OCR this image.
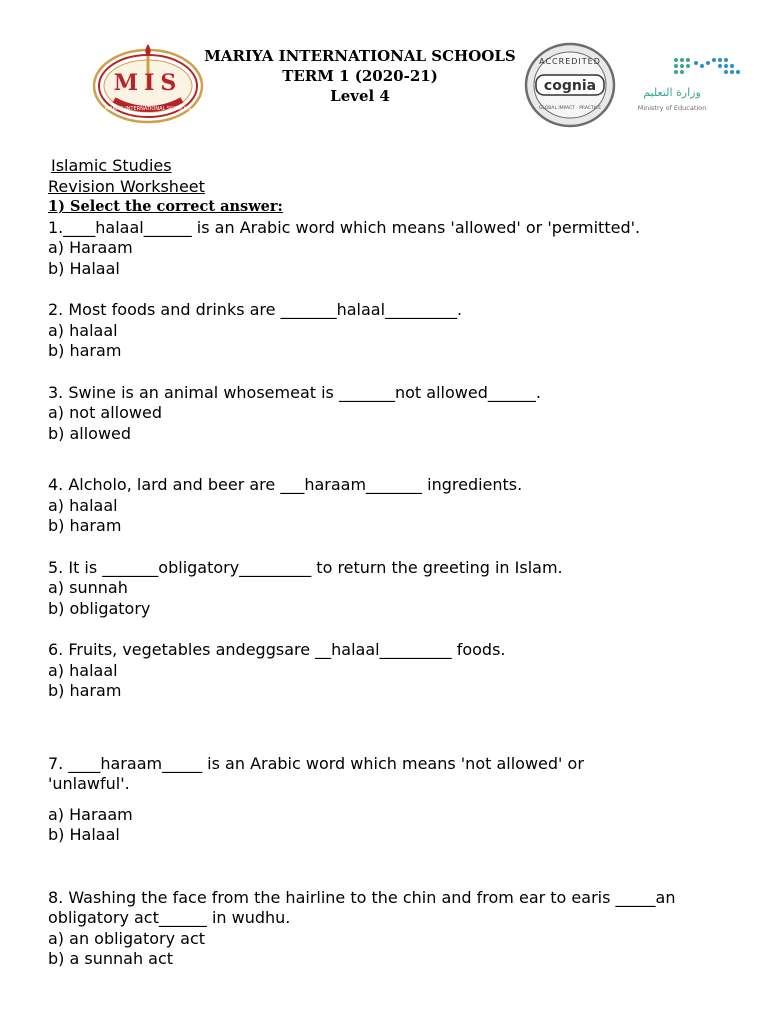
MARIYA INTERNATIONAL SCHOOLS
TERM 1 (2020-21)
Level 4
MIS
MARIYA INTERNATIONAL SCHOOLS
ACCREDITED
cognia
GLOBAL IMPACT · PRACTICE
وزارة التعليم
Ministry of Education
Islamic Studies
Revision Worksheet
1) Select the correct answer:
1.____halaal______ is an Arabic word which means 'allowed' or 'permitted'.
a) Haraam
b) Halaal
2. Most foods and drinks are _______halaal_________.
a) halaal
b) haram
3. Swine is an animal whosemeat is _______not allowed______.
a) not allowed
b) allowed
4. Alcholo, lard and beer are ___haraam_______ ingredients.
a) halaal
b) haram
5. It is _______obligatory_________ to return the greeting in Islam.
a) sunnah
b) obligatory
6. Fruits, vegetables andeggsare __halaal_________ foods.
a) halaal
b) haram
7. ____haraam_____ is an Arabic word which means 'not allowed' or 'unlawful'.
a) Haraam
b) Halaal
8. Washing the face from the hairline to the chin and from ear to earis _____an obligatory act______ in wudhu.
a) an obligatory act
b) a sunnah act
